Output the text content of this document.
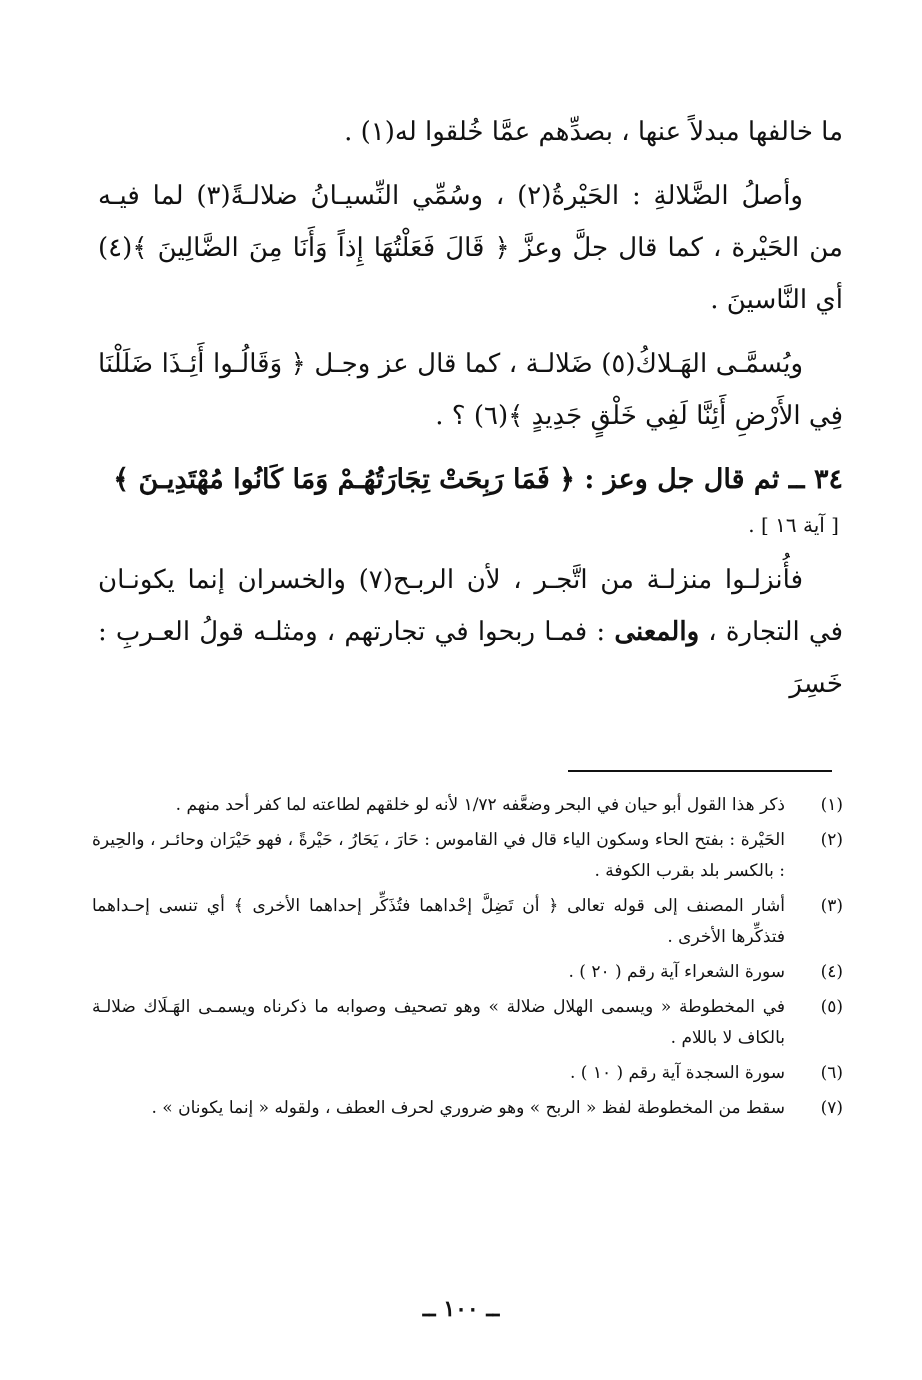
ما خالفها مبدلاً عنها ، بصدِّهم عمَّا خُلقوا له(١) .

وأصلُ الضَّلالةِ : الحَيْرةُ(٢) ، وسُمِّي النِّسيـانُ ضلالـةً(٣) لما فيـه من الحَيْرة ، كما قال جلَّ وعزَّ ﴿ قَالَ فَعَلْتُهَا إِذاً وَأَنَا مِنَ الضَّالِينَ ﴾(٤) أي النَّاسينَ .

ويُسمَّـى الهَـلاكُ(٥) ضَلالـة ، كما قال عز وجـل ﴿ وَقَالُـوا أَئِـذَا ضَلَلْنَا فِي الأَرْضِ أَئِنَّا لَفِي خَلْقٍ جَدِيدٍ ﴾(٦) ؟ .

٣٤ ــ ثم قال جل وعز : ﴿ فَمَا رَبِحَتْ تِجَارَتُهُـمْ وَمَا كَانُوا مُهْتَدِيـنَ ﴾

[ آية ١٦ ] .

فأُنزلـوا منزلـة من اتَّجـر ، لأن الربـح(٧) والخسران إنما يكونـان في التجارة ، والمعنى : فمـا ربحوا في تجارتهم ، ومثلـه قولُ العـربِ : خَسِرَ

(١)
ذكر هذا القول أبو حيان في البحر وضعَّفه ١/٧٢ لأنه لو خلقهم لطاعته لما كفر أحد منهم .
(٢)
الحَيْرة : بفتح الحاء وسكون الياء قال في القاموس : حَارَ ، يَحَارُ ، حَيْرةً ، فهو حَيْرَان وحائـر ، والحِيرة : بالكسر بلد بقرب الكوفة .
(٣)
أشار المصنف إلى قوله تعالى ﴿ أن تَضِلَّ إحْداهما فتُذَكِّر إحداهما الأخرى ﴾ أي تنسى إحـداهما فتذكِّرها الأخرى .
(٤)
سورة الشعراء آية رقم ( ٢٠ ) .
(٥)
في المخطوطة « ويسمى الهلال ضلالة » وهو تصحيف وصوابه ما ذكرناه ويسمـى الهَـلَاك ضلالـة بالكاف لا باللام .
(٦)
سورة السجدة آية رقم ( ١٠ ) .
(٧)
سقط من المخطوطة لفظ « الربح » وهو ضروري لحرف العطف ، ولقوله « إنما يكونان » .
ــ ١٠٠ ــ
